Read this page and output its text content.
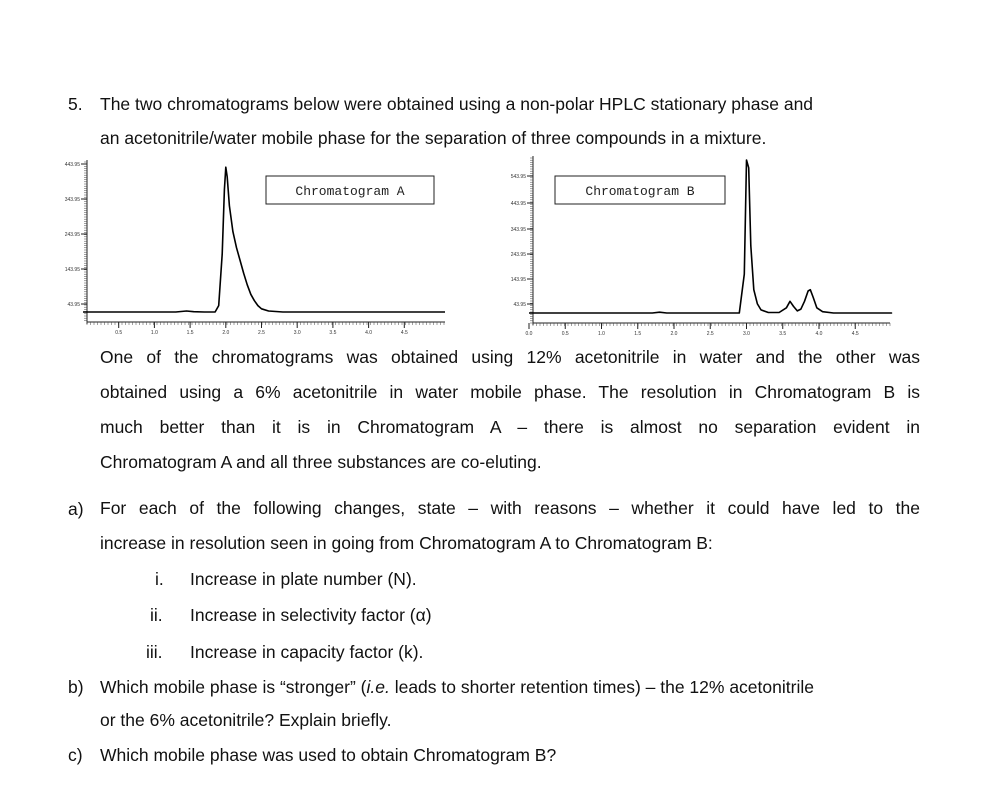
5. The two chromatograms below were obtained using a non-polar HPLC stationary phase and
an acetonitrile/water mobile phase for the separation of three compounds in a mixture.
443.95
343.95
243.95
143.95
43.95
0.5	1.0	1.5	2.0	2.5	3.0	3.5	4.0	4.5
Chromatogram A
543.95
443.95
343.95
243.95
143.95
43.95
0.0	0.5	1.0	1.5	2.0	2.5	3.0	3.5	4.0	4.5
Chromatogram B
One of the chromatograms was obtained using 12% acetonitrile in water and the other was
obtained using a 6% acetonitrile in water mobile phase. The resolution in Chromatogram B is
much better than it is in Chromatogram A – there is almost no separation evident in
Chromatogram A and all three substances are co-eluting.
a) For each of the following changes, state – with reasons – whether it could have led to the
increase in resolution seen in going from Chromatogram A to Chromatogram B:
i. Increase in plate number (N).
ii. Increase in selectivity factor (α)
iii. Increase in capacity factor (k).
b) Which mobile phase is “stronger” (i.e. leads to shorter retention times) – the 12% acetonitrile
or the 6% acetonitrile? Explain briefly.
c) Which mobile phase was used to obtain Chromatogram B?
